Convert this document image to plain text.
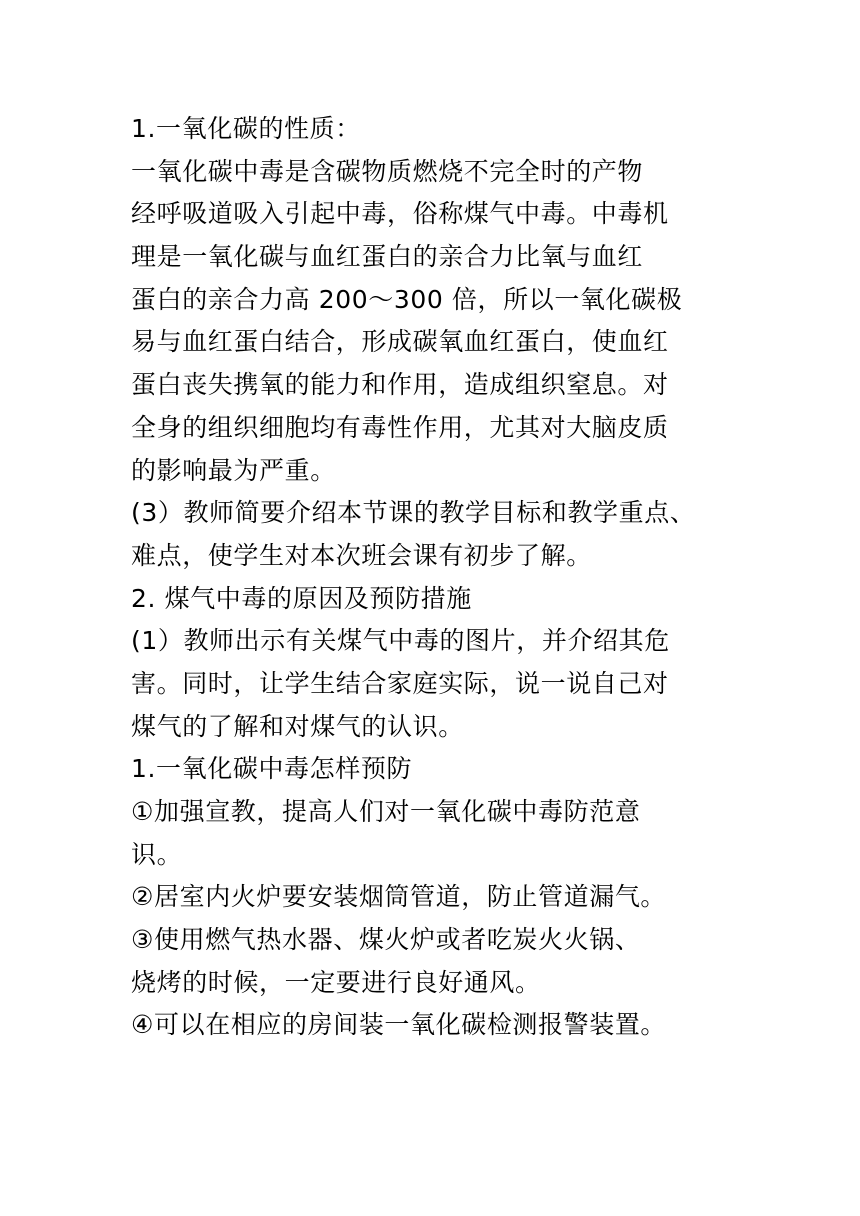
1.一氧化碳的性质：
一氧化碳中毒是含碳物质燃烧不完全时的产物
经呼吸道吸入引起中毒，俗称煤气中毒。中毒机
理是一氧化碳与血红蛋白的亲合力比氧与血红
蛋白的亲合力高 200～300 倍，所以一氧化碳极
易与血红蛋白结合，形成碳氧血红蛋白，使血红
蛋白丧失携氧的能力和作用，造成组织窒息。对
全身的组织细胞均有毒性作用，尤其对大脑皮质
的影响最为严重。
(3）教师简要介绍本节课的教学目标和教学重点、
难点，使学生对本次班会课有初步了解。
2. 煤气中毒的原因及预防措施
(1）教师出示有关煤气中毒的图片，并介绍其危
害。同时，让学生结合家庭实际，说一说自己对
煤气的了解和对煤气的认识。
1.一氧化碳中毒怎样预防
①加强宣教，提高人们对一氧化碳中毒防范意
识。
②居室内火炉要安装烟筒管道，防止管道漏气。
③使用燃气热水器、煤火炉或者吃炭火火锅、
烧烤的时候，一定要进行良好通风。
④可以在相应的房间装一氧化碳检测报警装置。
